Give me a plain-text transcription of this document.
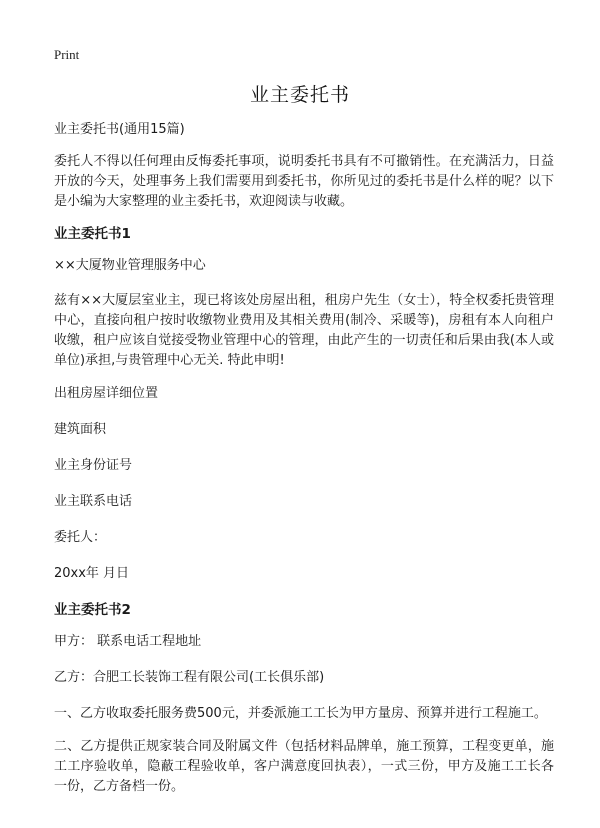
Print
业主委托书

业主委托书(通用15篇)

委托人不得以任何理由反悔委托事项，说明委托书具有不可撤销性。在充满活力，日益开放的今天，处理事务上我们需要用到委托书，你所见过的委托书是什么样的呢？以下是小编为大家整理的业主委托书，欢迎阅读与收藏。

业主委托书1

××大厦物业管理服务中心

兹有××大厦层室业主，现已将该处房屋出租，租房户先生（女士），特全权委托贵管理中心，直接向租户按时收缴物业费用及其相关费用(制冷、采暖等)，房租有本人向租户收缴，租户应该自觉接受物业管理中心的管理，由此产生的一切责任和后果由我(本人或单位)承担,与贵管理中心无关. 特此申明!

出租房屋详细位置

建筑面积

业主身份证号

业主联系电话

委托人：

20xx年 月日

业主委托书2

甲方： 联系电话工程地址

乙方：合肥工长装饰工程有限公司(工长俱乐部)

一、乙方收取委托服务费500元，并委派施工工长为甲方量房、预算并进行工程施工。

二、乙方提供正规家装合同及附属文件（包括材料品牌单，施工预算，工程变更单，施工工序验收单，隐蔽工程验收单，客户满意度回执表），一式三份，甲方及施工工长各一份，乙方备档一份。
